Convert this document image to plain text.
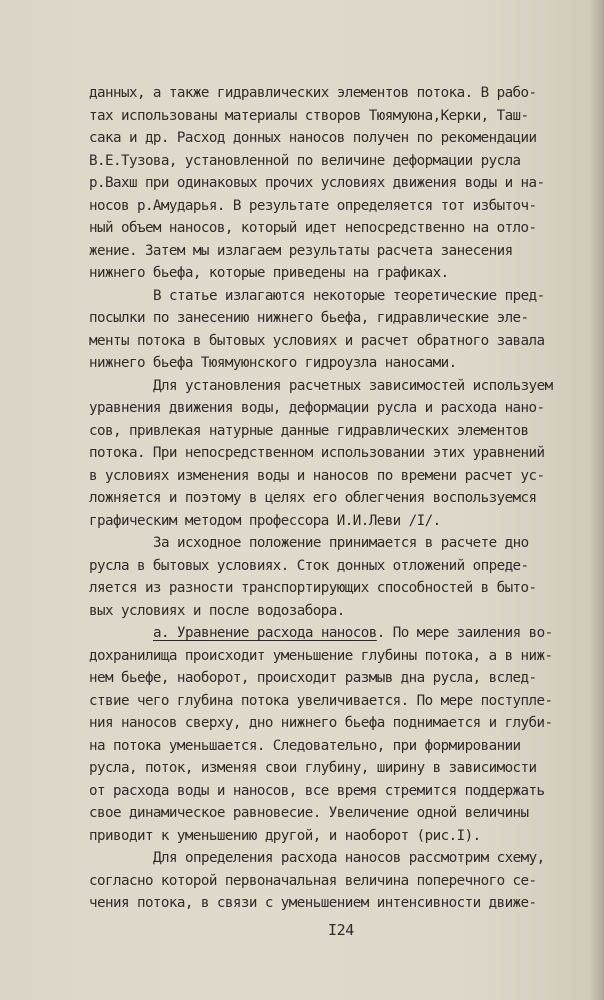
данных, а также гидравлических элементов потока. В рабо-
тах использованы материалы створов Тюямуюна,Керки, Таш-
сака и др. Расход донных наносов получен по рекомендации
В.Е.Тузова, установленной по величине деформации русла
р.Вахш при одинаковых прочих условиях движения воды и на-
носов р.Амударья. В результате определяется тот избыточ-
ный объем наносов, который идет непосредственно на отло-
жение. Затем мы излагаем результаты расчета занесения
нижнего бьефа, которые приведены на графиках.
В статье излагаются некоторые теоретические пред-
посылки по занесению нижнего бьефа, гидравлические эле-
менты потока в бытовых условиях и расчет обратного завала
нижнего бьефа Тюямуюнского гидроузла наносами.
Для установления расчетных зависимостей используем
уравнения движения воды, деформации русла и расхода нано-
сов, привлекая натурные данные гидравлических элементов
потока. При непосредственном использовании этих уравнений
в условиях изменения воды и наносов по времени расчет ус-
ложняется и поэтому в целях его облегчения воспользуемся
графическим методом профессора И.И.Леви /I/.
За исходное положение принимается в расчете дно
русла в бытовых условиях. Сток донных отложений опреде-
ляется из разности транспортирующих способностей в быто-
вых условиях и после водозабора.
а. Уравнение расхода наносов. По мере заиления во-
дохранилища происходит уменьшение глубины потока, а в ниж-
нем бьефе, наоборот, происходит размыв дна русла, вслед-
ствие чего глубина потока увеличивается. По мере поступле-
ния наносов сверху, дно нижнего бьефа поднимается и глуби-
на потока уменьшается. Следовательно, при формировании
русла, поток, изменяя свои глубину, ширину в зависимости
от расхода воды и наносов, все время стремится поддержать
свое динамическое равновесие. Увеличение одной величины
приводит к уменьшению другой, и наоборот (рис.I).
Для определения расхода наносов рассмотрим схему,
согласно которой первоначальная величина поперечного се-
чения потока, в связи с уменьшением интенсивности движе-
I24
